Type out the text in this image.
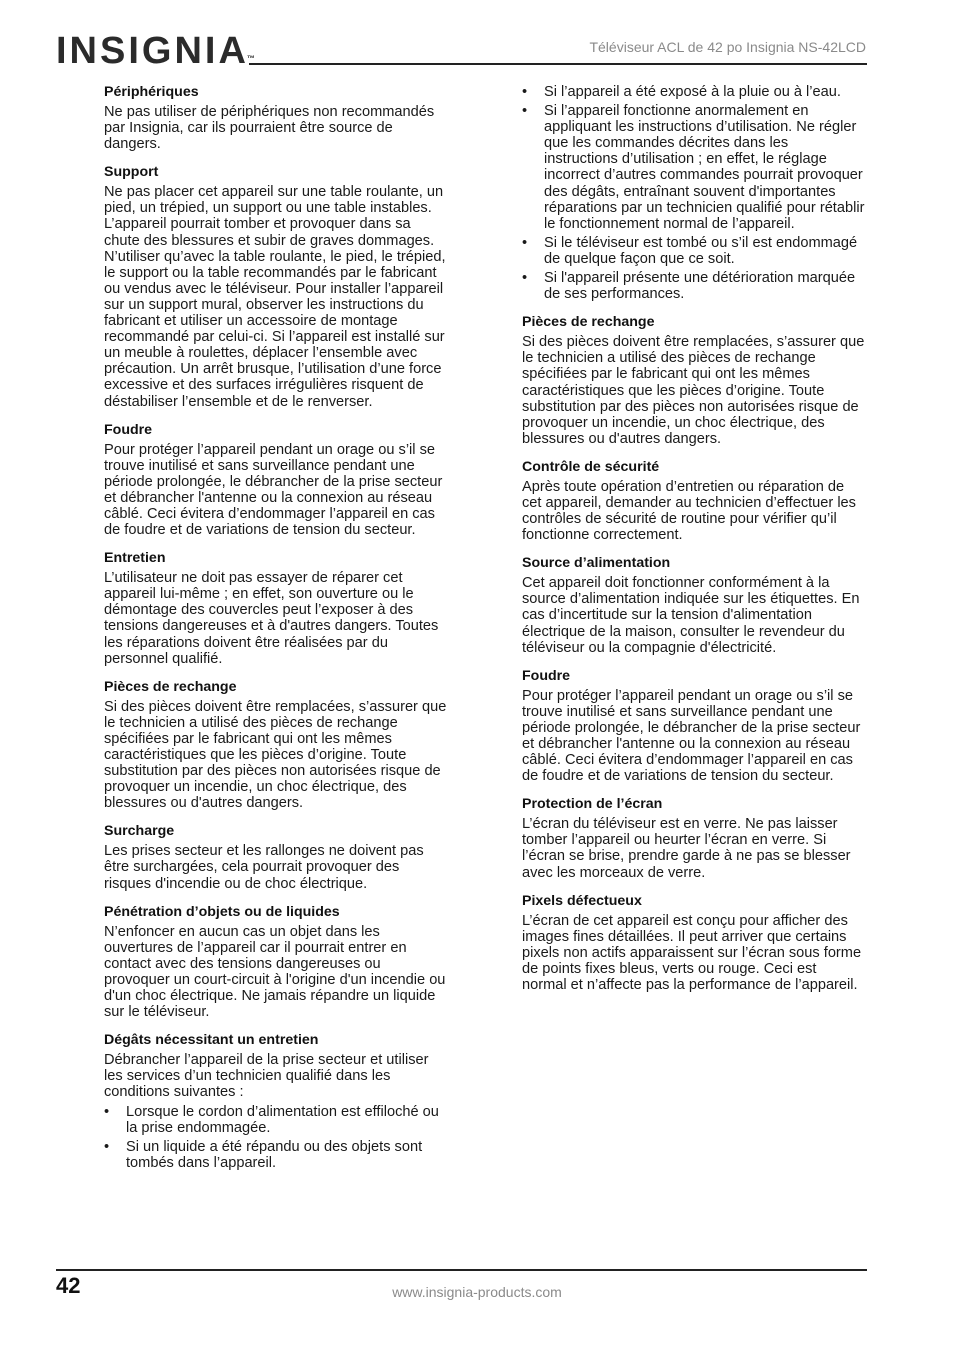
INSIGNIA™
Téléviseur ACL de 42 po Insignia NS-42LCD
Périphériques

Ne pas utiliser de périphériques non recommandés par Insignia, car ils pourraient être source de dangers.

Support

Ne pas placer cet appareil sur une table roulante, un pied, un trépied, un support ou une table instables. L’appareil pourrait tomber et provoquer dans sa chute des blessures et subir de graves dommages. N’utiliser qu’avec la table roulante, le pied, le trépied, le support ou la table recommandés par le fabricant ou vendus avec le téléviseur. Pour installer l’appareil sur un support mural, observer les instructions du fabricant et utiliser un accessoire de montage recommandé par celui-ci. Si l’appareil est installé sur un meuble à roulettes, déplacer l’ensemble avec précaution. Un arrêt brusque, l’utilisation d’une force excessive et des surfaces irrégulières risquent de déstabiliser l’ensemble et de le renverser.

Foudre

Pour protéger l’appareil pendant un orage ou s’il se trouve inutilisé et sans surveillance pendant une période prolongée, le débrancher de la prise secteur et débrancher l'antenne ou la connexion au réseau câblé. Ceci évitera d’endommager l’appareil en cas de foudre et de variations de tension du secteur.

Entretien

L’utilisateur ne doit pas essayer de réparer cet appareil lui-même ; en effet, son ouverture ou le démontage des couvercles peut l’exposer à des tensions dangereuses et à d'autres dangers. Toutes les réparations doivent être réalisées par du personnel qualifié.

Pièces de rechange

Si des pièces doivent être remplacées, s’assurer que le technicien a utilisé des pièces de rechange spécifiées par le fabricant qui ont les mêmes caractéristiques que les pièces d’origine. Toute substitution par des pièces non autorisées risque de provoquer un incendie, un choc électrique, des blessures ou d'autres dangers.

Surcharge

Les prises secteur et les rallonges ne doivent pas être surchargées, cela pourrait provoquer des risques d'incendie ou de choc électrique.

Pénétration d’objets ou de liquides

N’enfoncer en aucun cas un objet dans les ouvertures de l’appareil car il pourrait entrer en contact avec des tensions dangereuses ou provoquer un court-circuit à l'origine d'un incendie ou d'un choc électrique. Ne jamais répandre un liquide sur le téléviseur.

Dégâts nécessitant un entretien

Débrancher l’appareil de la prise secteur et utiliser les services d’un technicien qualifié dans les conditions suivantes :

• Lorsque le cordon d’alimentation est effiloché ou la prise endommagée.
• Si un liquide a été répandu ou des objets sont tombés dans l’appareil.
• Si l’appareil a été exposé à la pluie ou à l’eau.
• Si l’appareil fonctionne anormalement en appliquant les instructions d’utilisation. Ne régler que les commandes décrites dans les instructions d’utilisation ; en effet, le réglage incorrect d’autres commandes pourrait provoquer des dégâts, entraînant souvent d'importantes réparations par un technicien qualifié pour rétablir le fonctionnement normal de l’appareil.
• Si le téléviseur est tombé ou s’il est endommagé de quelque façon que ce soit.
• Si l'appareil présente une détérioration marquée de ses performances.
Pièces de rechange

Si des pièces doivent être remplacées, s’assurer que le technicien a utilisé des pièces de rechange spécifiées par le fabricant qui ont les mêmes caractéristiques que les pièces d’origine. Toute substitution par des pièces non autorisées risque de provoquer un incendie, un choc électrique, des blessures ou d'autres dangers.

Contrôle de sécurité

Après toute opération d’entretien ou réparation de cet appareil, demander au technicien d’effectuer les contrôles de sécurité de routine pour vérifier qu’il fonctionne correctement.

Source d’alimentation

Cet appareil doit fonctionner conformément à la source d’alimentation indiquée sur les étiquettes. En cas d’incertitude sur la tension d'alimentation électrique de la maison, consulter le revendeur du téléviseur ou la compagnie d'électricité.

Foudre

Pour protéger l’appareil pendant un orage ou s’il se trouve inutilisé et sans surveillance pendant une période prolongée, le débrancher de la prise secteur et débrancher l'antenne ou la connexion au réseau câblé. Ceci évitera d’endommager l’appareil en cas de foudre et de variations de tension du secteur.

Protection de l’écran

L’écran du téléviseur est en verre. Ne pas laisser tomber l’appareil ou heurter l’écran en verre. Si l’écran se brise, prendre garde à ne pas se blesser avec les morceaux de verre.

Pixels défectueux

L’écran de cet appareil est conçu pour afficher des images fines détaillées. Il peut arriver que certains pixels non actifs apparaissent sur l’écran sous forme de points fixes bleus, verts ou rouge. Ceci est normal et n’affecte pas la performance de l’appareil.

42	www.insignia-products.com
